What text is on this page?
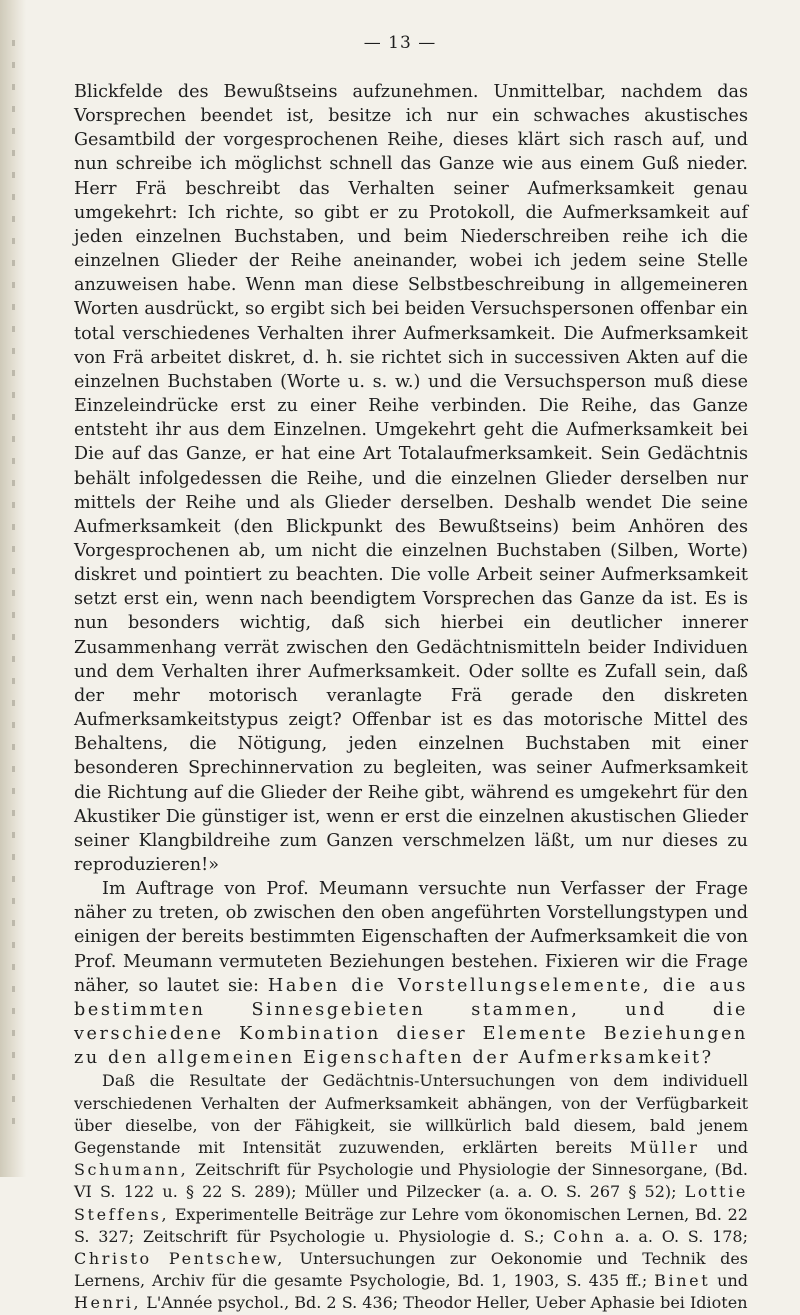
— 13 —

Blickfelde des Bewußtseins aufzunehmen. Unmittelbar, nachdem das Vorsprechen beendet ist, besitze ich nur ein schwaches akustisches Gesamtbild der vorgesprochenen Reihe, dieses klärt sich rasch auf, und nun schreibe ich möglichst schnell das Ganze wie aus einem Guß nieder. Herr Frä beschreibt das Verhalten seiner Aufmerksamkeit genau umgekehrt: Ich richte, so gibt er zu Protokoll, die Aufmerksamkeit auf jeden einzelnen Buchstaben, und beim Niederschreiben reihe ich die einzelnen Glieder der Reihe aneinander, wobei ich jedem seine Stelle anzuweisen habe. Wenn man diese Selbstbeschreibung in allgemeineren Worten ausdrückt, so ergibt sich bei beiden Versuchspersonen offenbar ein total verschiedenes Verhalten ihrer Aufmerksamkeit. Die Aufmerksamkeit von Frä arbeitet diskret, d. h. sie richtet sich in successiven Akten auf die einzelnen Buchstaben (Worte u. s. w.) und die Versuchsperson muß diese Einzeleindrücke erst zu einer Reihe verbinden. Die Reihe, das Ganze entsteht ihr aus dem Einzelnen. Umgekehrt geht die Aufmerksamkeit bei Die auf das Ganze, er hat eine Art Totalaufmerksamkeit. Sein Gedächtnis behält infolgedessen die Reihe, und die einzelnen Glieder derselben nur mittels der Reihe und als Glieder derselben. Deshalb wendet Die seine Aufmerksamkeit (den Blickpunkt des Bewußtseins) beim Anhören des Vorgesprochenen ab, um nicht die einzelnen Buchstaben (Silben, Worte) diskret und pointiert zu beachten. Die volle Arbeit seiner Aufmerksamkeit setzt erst ein, wenn nach beendigtem Vorsprechen das Ganze da ist. Es is nun besonders wichtig, daß sich hierbei ein deutlicher innerer Zusammenhang verrät zwischen den Gedächtnismitteln beider Individuen und dem Verhalten ihrer Aufmerksamkeit. Oder sollte es Zufall sein, daß der mehr motorisch veranlagte Frä gerade den diskreten Aufmerksamkeitstypus zeigt? Offenbar ist es das motorische Mittel des Behaltens, die Nötigung, jeden einzelnen Buchstaben mit einer besonderen Sprechinnervation zu begleiten, was seiner Aufmerksamkeit die Richtung auf die Glieder der Reihe gibt, während es umgekehrt für den Akustiker Die günstiger ist, wenn er erst die einzelnen akustischen Glieder seiner Klangbildreihe zum Ganzen verschmelzen läßt, um nur dieses zu reproduzieren!»

Im Auftrage von Prof. Meumann versuchte nun Verfasser der Frage näher zu treten, ob zwischen den oben angeführten Vorstellungstypen und einigen der bereits bestimmten Eigenschaften der Aufmerksamkeit die von Prof. Meumann vermuteten Beziehungen bestehen. Fixieren wir die Frage näher, so lautet sie: Haben die Vorstellungselemente, die aus bestimmten Sinnesgebieten stammen, und die verschiedene Kombination dieser Elemente Beziehungen zu den allgemeinen Eigenschaften der Aufmerksamkeit?

Daß die Resultate der Gedächtnis-Untersuchungen von dem individuell verschiedenen Verhalten der Aufmerksamkeit abhängen, von der Verfügbarkeit über dieselbe, von der Fähigkeit, sie willkürlich bald diesem, bald jenem Gegenstande mit Intensität zuzuwenden, erklärten bereits Müller und Schumann, Zeitschrift für Psychologie und Physiologie der Sinnesorgane, (Bd. VI S. 122 u. § 22 S. 289); Müller und Pilzecker (a. a. O. S. 267 § 52); Lottie Steffens, Experimentelle Beiträge zur Lehre vom ökonomischen Lernen, Bd. 22 S. 327; Zeitschrift für Psychologie u. Physiologie d. S.; Cohn a. a. O. S. 178; Christo Pentschew, Untersuchungen zur Oekonomie und Technik des Lernens, Archiv für die gesamte Psychologie, Bd. 1, 1903, S. 435 ff.; Binet und Henri, L'Année psychol., Bd. 2 S. 436; Theodor Heller, Ueber Aphasie bei Idioten
